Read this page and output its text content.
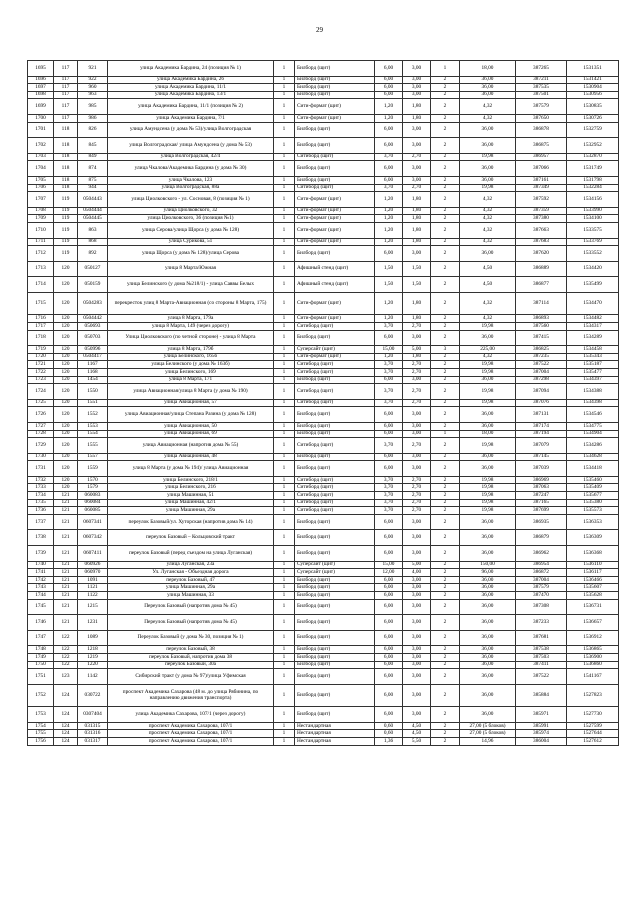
29
1695	117	921	улица Академика Бардина, 24 (позиция № 1)	1	Билборд (щит)	6,00	3,00	1	18,00	387265	1531351
1696	117	922	улица Академика Бардина, 26	1	Билборд (щит)	6,00	3,00	2	36,00	387211	1531421
1697	117	960	улица Академика Бардина, 11/1	1	Билборд (щит)	6,00	3,00	2	36,00	387535	1530904
1698	117	963	улица Академика Бардина, 13/1	1	Билборд (щит)	6,00	3,00	2	36,00	387501	1530956
1699	117	985	улица Академика Бардина, 11/1 (позиция № 2)	1	Сити-формат (щит)	1,20	1,80	2	4,32	387579	1530835
1700	117	986	улица Академика Бардина, 7/1	1	Сити-формат (щит)	1,20	1,80	2	4,32	387650	1530726
1701	118	826	улица Амундсена (у дома № 53)/улица Волгоградская	1	Билборд (щит)	6,00	3,00	2	36,00	386878	1532759
1702	118	845	улица Волгоградская/ улица Амундсена (у дома № 53)	1	Билборд (щит)	6,00	3,00	2	36,00	386875	1532952
1703	118	849	улица Волгоградская, 42/4	1	Ситиборд (щит)	3,70	2,70	2	19,98	386957	1532870
1704	118	874	улица Чкалова/Академика Бардина (у дома № 30)	1	Билборд (щит)	6,00	3,00	2	36,00	387066	1531749
1705	118	875	улица Чкалова, 123	1	Билборд (щит)	6,00	3,00	2	36,00	387161	1531798
1706	118	944	улица Волгоградская, 88а	1	Ситиборд (щит)	3,70	2,70	2	19,98	387349	1532284
1707	119	0504443	улица Циолковского - ул. Сосновая, 8 (позиция № 1)	1	Сити-формат (щит)	1,20	1,80	2	4,32	387592	1534156
1708	119	0504444	улица Циолковского, 32	1	Сити-формат (щит)	1,20	1,80	2	4,32	387359	1533990
1709	119	0504445	улица Циолковского, 36 (позиция №1)	1	Сити-формат (щит)	1,20	1,80	2	4,32	387380	1534100
1710	119	863	улица Серова/улица Щорса (у дома № 128)	1	Сити-формат (щит)	1,20	1,80	2	4,32	387663	1533575
1711	119	868	улица Сурикова, 51	1	Сити-формат (щит)	1,20	1,80	2	4,32	387683	1533769
1712	119	892	улица Щорса (у дома № 128)/улица Серова	1	Билборд (щит)	6,00	3,00	2	36,00	387620	1533552
1713	120	050127	улица 8 Марта/Южная	1	Афишный стенд (щит)	1,50	1,50	2	4,50	386889	1534420
1714	120	050159	улица Белинского (у дома №218/1) - улица Саввы Белых	1	Афишный стенд (щит)	1,50	1,50	2	4,50	386877	1535499
1715	120	0504283	перекресток улиц 8 Марта-Авиационная (со стороны 8 Марта, 175)	1	Сити-формат (щит)	1,20	1,80	2	4,32	387114	1534470
1716	120	0504442	улица 8 Марта, 179а	1	Сити-формат (щит)	1,20	1,80	2	4,32	386893	1534482
1717	120	050693	улица 8 Марта, 149 (через дорогу)	1	Ситиборд (щит)	3,70	2,70	2	19,98	387560	1534317
1718	120	050703	Улица Циолковского (по четной стороне) - улица 8 Марта	1	Билборд (щит)	6,00	3,00	2	36,00	387415	1534289
1719	120	050996	улица 8 Марта, 179б	1	Суперсайт (щит)	15,00	5,00	3	225,00	386825	1534458
1720	120	0504417	улица Белинского, 165б	1	Сити-формат (щит)	1,20	1,80	2	4,32	387235	1535343
1721	120	1167	улица Белинского (у дома № 163б)	1	Ситиборд (щит)	3,70	2,70	2	19,98	387522	1535187
1722	120	1168	улица Белинского, 169	1	Ситиборд (щит)	3,70	2,70	2	19,98	387004	1535477
1723	120	1454	улица 8 Марта, 171	1	Билборд (щит)	6,00	3,00	2	36,00	387298	1534397
1724	120	1550	улица Авиационная/улица 8 Марта (у дома № 190)	1	Ситиборд (щит)	3,70	2,70	2	19,98	387094	1534388
1725	120	1551	улица Авиационная, 57	1	Ситиборд (щит)	3,70	2,70	2	19,98	387076	1534398
1726	120	1552	улица Авиационная/улица Степана Разина (у дома № 128)	1	Билборд (щит)	6,00	3,00	2	36,00	387131	1534546
1727	120	1553	улица Авиационная, 50	1	Билборд (щит)	6,00	3,00	2	36,00	387174	1534775
1728	120	1554	улица Авиационная, 69	1	Билборд (щит)	6,00	3,00	1	18,00	387194	1534904
1729	120	1555	улица Авиационная (напротив дома № 55)	1	Ситиборд (щит)	3,70	2,70	2	19,98	387079	1534286
1730	120	1557	улица Авиационная, 48	1	Билборд (щит)	6,00	3,00	2	36,00	387145	1534628
1731	120	1559	улица 8 Марта (у дома № 194)/ улица Авиационная	1	Билборд (щит)	6,00	3,00	2	36,00	387039	1534418
1732	120	1570	улица Белинского, 218/1	1	Ситиборд (щит)	3,70	2,70	2	19,98	386969	1535460
1733	120	1579	улица Белинского, 216	1	Ситиборд (щит)	3,70	2,70	2	19,98	387063	1535409
1734	121	060083	улица Машинная, 51	1	Ситиборд (щит)	3,70	2,70	2	19,98	387247	1535677
1735	121	060084	улица Машинная, 42/1	1	Ситиборд (щит)	3,70	2,70	2	19,98	387165	1535380
1736	121	060085	улица Машинная, 29а	1	Ситиборд (щит)	3,70	2,70	2	19,98	387699	1535573
1737	121	0607341	переулок Базовый/ул. Хуторская (напротив дома № 14)	1	Билборд (щит)	6,00	3,00	2	36,00	386935	1536353
1738	121	0607342	переулок Базовый – Кольцовский тракт	1	Билборд (щит)	6,00	3,00	2	36,00	386879	1536309
1739	121	0607411	переулок Базовый (перед съездом на улица Луганская)	1	Билборд (щит)	6,00	3,00	2	36,00	386962	1536368
1740	121	060926	улица Луганская, 23а	1	Суперсайт (щит)	15,00	5,00	2	150,00	386954	1536110
1741	121	060970	Ул. Луганская - Объездная дорога	1	Суперсайт (щит)	12,00	4,00	2	96,00	386872	1536117
1742	121	1091	переулок Базовый, 47	1	Билборд (щит)	6,00	3,00	2	36,00	387004	1536466
1743	121	1121	улица Машинная, 29а	1	Билборд (щит)	6,00	3,00	2	36,00	387579	1535607
1744	121	1122	улица Машинная, 33	1	Билборд (щит)	6,00	3,00	2	36,00	387470	1535628
1745	121	1215	Переулок Базовый (напротив дома № 45)	1	Билборд (щит)	6,00	3,00	2	36,00	387308	1536731
1746	121	1231	Переулок Базовый (напротив дома № 45)	1	Билборд (щит)	6,00	3,00	2	36,00	387233	1536657
1747	122	1089	Переулок Базовый (у дома № 30, позиция № 1)	1	Билборд (щит)	6,00	3,00	2	36,00	387681	1536912
1748	122	1218	переулок Базовый, 38	1	Билборд (щит)	6,00	3,00	2	36,00	387538	1536865
1749	122	1219	переулок Базовый, напротив дома 38	1	Билборд (щит)	6,00	3,00	2	36,00	387503	1536900
1750	122	1220	переулок Базовый, 30а	1	Билборд (щит)	6,00	3,00	2	36,00	387411	1536860
1751	123	1142	Сибирский тракт (у дома № 97)/улица Уфимская	1	Билборд (щит)	6,00	3,00	2	36,00	387522	1541167
1752	124	030722	проспект Академика Сахарова (48 м. до улица Рябинина, по направлению движения транспорта)	1	Билборд (щит)	6,00	3,00	2	36,00	385884	1527823
1753	124	0307404	улица Академика Сахарова, 107/1 (через дорогу)	1	Билборд (щит)	6,00	3,00	2	36,00	385971	1527730
1754	124	031315	проспект Академика Сахарова, 107/1	1	Нестандартная	0,60	4,50	2	27,00 (5 блоков)	385991	1527599
1755	124	031316	проспект Академика Сахарова, 107/1	1	Нестандартная	0,60	4,50	2	27,00 (5 блоков)	385974	1527644
1756	124	031317	проспект Академика Сахарова, 107/1	1	Нестандартная	1,36	5,50	2	14,96	386004	1527612
